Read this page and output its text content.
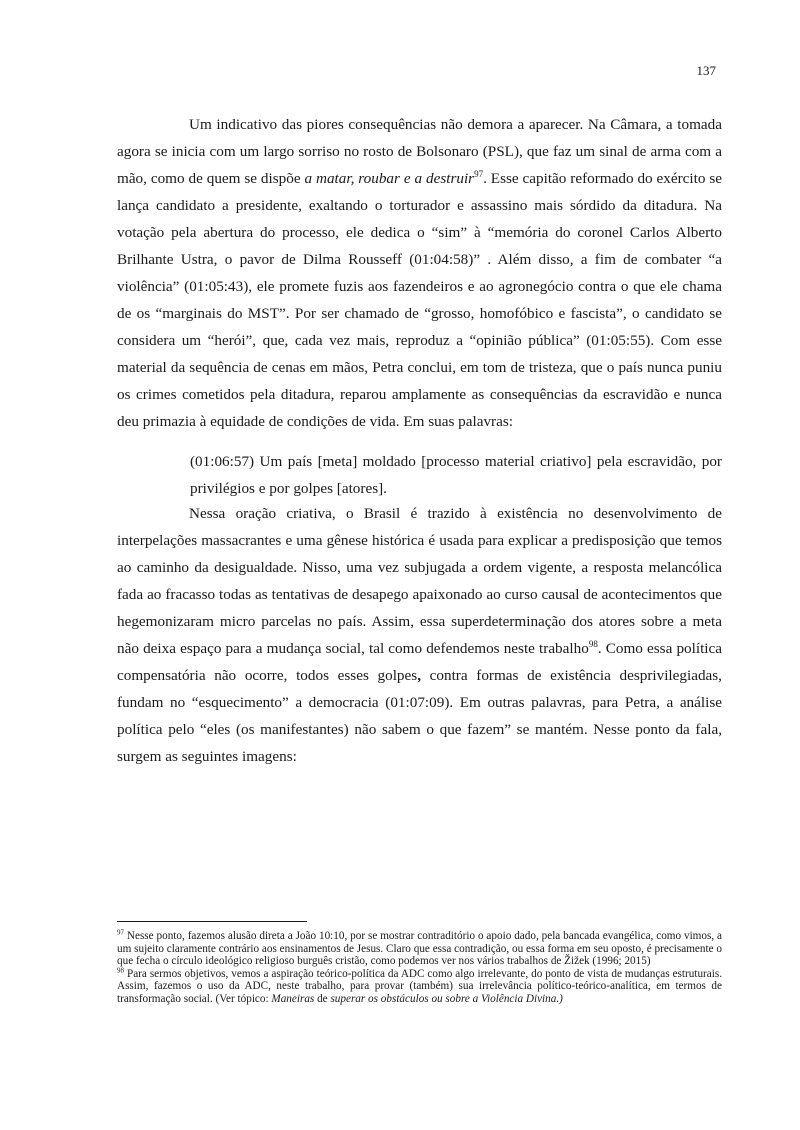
137

Um indicativo das piores consequências não demora a aparecer. Na Câmara, a tomada agora se inicia com um largo sorriso no rosto de Bolsonaro (PSL), que faz um sinal de arma com a mão, como de quem se dispõe a matar, roubar e a destruir$^{97}$. Esse capitão reformado do exército se lança candidato a presidente, exaltando o torturador e assassino mais sórdido da ditadura. Na votação pela abertura do processo, ele dedica o “sim” à “memória do coronel Carlos Alberto Brilhante Ustra, o pavor de Dilma Rousseff (01:04:58)” . Além disso, a fim de combater “a violência” (01:05:43), ele promete fuzis aos fazendeiros e ao agronegócio contra o que ele chama de os “marginais do MST”. Por ser chamado de “grosso, homofóbico e fascista”, o candidato se considera um “herói”, que, cada vez mais, reproduz a “opinião pública” (01:05:55). Com esse material da sequência de cenas em mãos, Petra conclui, em tom de tristeza, que o país nunca puniu os crimes cometidos pela ditadura, reparou amplamente as consequências da escravidão e nunca deu primazia à equidade de condições de vida. Em suas palavras:

(01:06:57) Um país [meta] moldado [processo material criativo] pela escravidão, por privilégios e por golpes [atores].

Nessa oração criativa, o Brasil é trazido à existência no desenvolvimento de interpelações massacrantes e uma gênese histórica é usada para explicar a predisposição que temos ao caminho da desigualdade. Nisso, uma vez subjugada a ordem vigente, a resposta melancólica fada ao fracasso todas as tentativas de desapego apaixonado ao curso causal de acontecimentos que hegemonizaram micro parcelas no país. Assim, essa superdeterminação dos atores sobre a meta não deixa espaço para a mudança social, tal como defendemos neste trabalho$^{98}$. Como essa política compensatória não ocorre, todos esses golpes, contra formas de existência desprivilegiadas, fundam no “esquecimento” a democracia (01:07:09). Em outras palavras, para Petra, a análise política pelo “eles (os manifestantes) não sabem o que fazem” se mantém. Nesse ponto da fala, surgem as seguintes imagens:

$^{97}$ Nesse ponto, fazemos alusão direta a João 10:10, por se mostrar contraditório o apoio dado, pela bancada evangélica, como vimos, a um sujeito claramente contrário aos ensinamentos de Jesus. Claro que essa contradição, ou essa forma em seu oposto, é precisamente o que fecha o círculo ideológico religioso burguês cristão, como podemos ver nos vários trabalhos de Žižek (1996; 2015)

$^{98}$ Para sermos objetivos, vemos a aspiração teórico-política da ADC como algo irrelevante, do ponto de vista de mudanças estruturais. Assim, fazemos o uso da ADC, neste trabalho, para provar (também) sua irrelevância político-teórico-analítica, em termos de transformação social. (Ver tópico: Maneiras de superar os obstáculos ou sobre a Violência Divina.)
